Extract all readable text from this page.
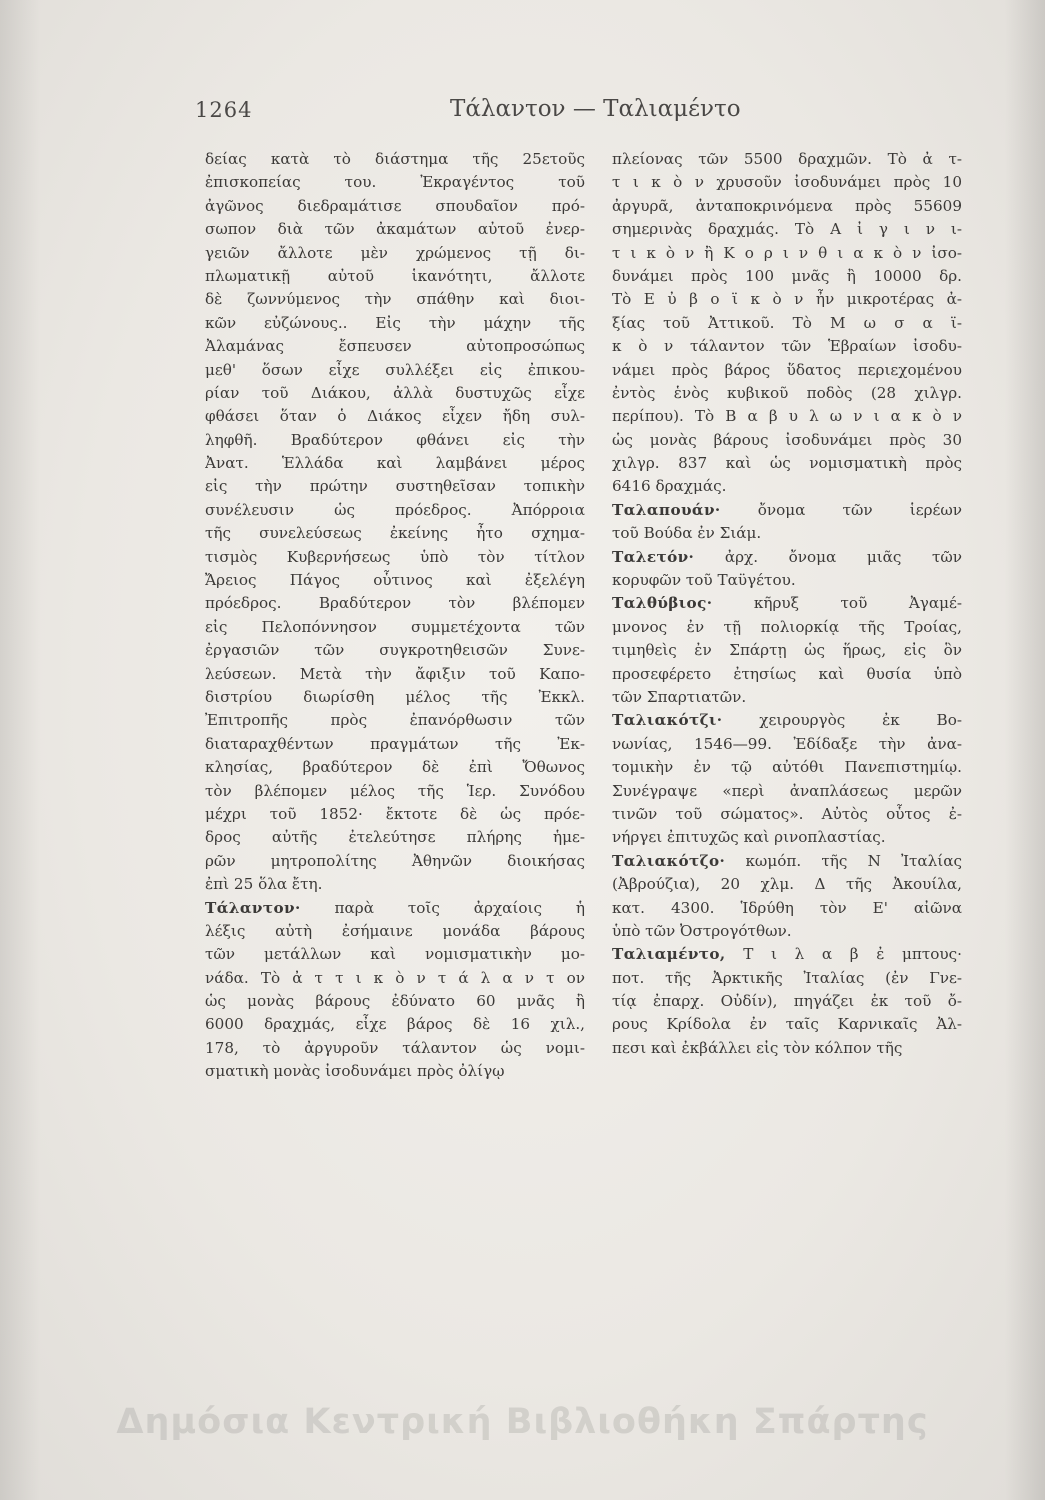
1264	Τάλαντον — Ταλιαμέντο
δείας κατὰ τὸ διάστημα τῆς 25ετοῦς
ἐπισκοπείας του. Ἐκραγέντος τοῦ
ἀγῶνος διεδραμάτισε σπουδαῖον πρό-
σωπον διὰ τῶν ἀκαμάτων αὐτοῦ ἐνερ-
γειῶν ἄλλοτε μὲν χρώμενος τῇ δι-
πλωματικῇ αὐτοῦ ἱκανότητι, ἄλλοτε
δὲ ζωννύμενος τὴν σπάθην καὶ διοι-
κῶν εὐζώνους.. Εἰς τὴν μάχην τῆς
Ἀλαμάνας ἔσπευσεν αὐτοπροσώπως
μεθ' ὅσων εἶχε συλλέξει εἰς ἐπικου-
ρίαν τοῦ Διάκου, ἀλλὰ δυστυχῶς εἶχε
φθάσει ὅταν ὁ Διάκος εἶχεν ἤδη συλ-
ληφθῆ. Βραδύτερον φθάνει εἰς τὴν
Ἀνατ. Ἑλλάδα καὶ λαμβάνει μέρος
εἰς τὴν πρώτην συστηθεῖσαν τοπικὴν
συνέλευσιν ὡς πρόεδρος. Ἀπόρροια
τῆς συνελεύσεως ἐκείνης ἦτο σχημα-
τισμὸς Κυβερνήσεως ὑπὸ τὸν τίτλον
Ἄρειος Πάγος οὗτινος καὶ ἐξελέγη
πρόεδρος. Βραδύτερον τὸν βλέπομεν
εἰς Πελοπόννησον συμμετέχοντα τῶν
ἐργασιῶν τῶν συγκροτηθεισῶν Συνε-
λεύσεων. Μετὰ τὴν ἄφιξιν τοῦ Καπο-
διστρίου διωρίσθη μέλος τῆς Ἐκκλ.
Ἐπιτροπῆς πρὸς ἐπανόρθωσιν τῶν
διαταραχθέντων πραγμάτων τῆς Ἐκ-
κλησίας, βραδύτερον δὲ ἐπὶ Ὄθωνος
τὸν βλέπομεν μέλος τῆς Ἱερ. Συνόδου
μέχρι τοῦ 1852· ἔκτοτε δὲ ὡς πρόε-
δρος αὐτῆς ἐτελεύτησε πλήρης ἡμε-
ρῶν μητροπολίτης Ἀθηνῶν διοικήσας
ἐπὶ 25 ὅλα ἔτη.
Τάλαντον· παρὰ τοῖς ἀρχαίοις ἡ
λέξις αὐτὴ ἐσήμαινε μονάδα βάρους
τῶν μετάλλων καὶ νομισματικὴν μο-
νάδα. Τὸ ἀ τ τ ι κ ὸ ν τ ά λ α ν τ ον
ὡς μονὰς βάρους ἐδύνατο 60 μνᾶς ἢ
6000 δραχμάς, εἶχε βάρος δὲ 16 χιλ.,
178, τὸ ἀργυροῦν τάλαντον ὡς νομι-
σματικὴ μονὰς ἰσοδυνάμει πρὸς ὀλίγῳ
πλείονας τῶν 5500 δραχμῶν. Τὸ ἀ τ-
τ ι κ ὸ ν χρυσοῦν ἰσοδυνάμει πρὸς 10
ἀργυρᾶ, ἀνταποκρινόμενα πρὸς 55609
σημερινὰς δραχμάς. Τὸ Α ἰ γ ι ν ι-
τ ι κ ὸ ν ἢ Κ ο ρ ι ν θ ι α κ ὸ ν ἰσο-
δυνάμει πρὸς 100 μνᾶς ἢ 10000 δρ.
Τὸ Ε ὐ β ο ϊ κ ὸ ν ἦν μικροτέρας ἀ-
ξίας τοῦ Ἀττικοῦ. Τὸ Μ ω σ α ϊ-
κ ὸ ν τάλαντον τῶν Ἑβραίων ἰσοδυ-
νάμει πρὸς βάρος ὕδατος περιεχομένου
ἐντὸς ἑνὸς κυβικοῦ ποδὸς (28 χιλγρ.
περίπου). Τὸ Β α β υ λ ω ν ι α κ ὸ ν
ὡς μονὰς βάρους ἰσοδυνάμει πρὸς 30
χιλγρ. 837 καὶ ὡς νομισματικὴ πρὸς
6416 δραχμάς.
Ταλαπουάν· ὄνομα τῶν ἱερέων
τοῦ Βούδα ἐν Σιάμ.
Ταλετόν· ἀρχ. ὄνομα μιᾶς τῶν
κορυφῶν τοῦ Ταϋγέτου.
Ταλθύβιος· κῆρυξ τοῦ Ἀγαμέ-
μνονος ἐν τῇ πολιορκίᾳ τῆς Τροίας,
τιμηθεὶς ἐν Σπάρτῃ ὡς ἥρως, εἰς ὃν
προσεφέρετο ἐτησίως καὶ θυσία ὑπὸ
τῶν Σπαρτιατῶν.
Ταλιακότζι· χειρουργὸς ἐκ Βο-
νωνίας, 1546—99. Ἐδίδαξε τὴν ἀνα-
τομικὴν ἐν τῷ αὐτόθι Πανεπιστημίῳ.
Συνέγραψε «περὶ ἀναπλάσεως μερῶν
τινῶν τοῦ σώματος». Αὐτὸς οὗτος ἐ-
νήργει ἐπιτυχῶς καὶ ρινοπλαστίας.
Ταλιακότζο· κωμόπ. τῆς Ν Ἰταλίας
(Ἀβρούζια), 20 χλμ. Δ τῆς Ἀκουίλα,
κατ. 4300. Ἱδρύθη τὸν Ε' αἰῶνα
ὑπὸ τῶν Ὀστρογότθων.
Ταλιαμέντο, Τ ι λ α β ἐ μπτους·
ποτ. τῆς Ἀρκτικῆς Ἰταλίας (ἐν Γνε-
τίᾳ ἐπαρχ. Οὐδίν), πηγάζει ἐκ τοῦ ὄ-
ρους Κρίδολα ἐν ταῖς Καρνικαῖς Ἀλ-
πεσι καὶ ἐκβάλλει εἰς τὸν κόλπον τῆς
Δημόσια Κεντρική Βιβλιοθήκη Σπάρτης
